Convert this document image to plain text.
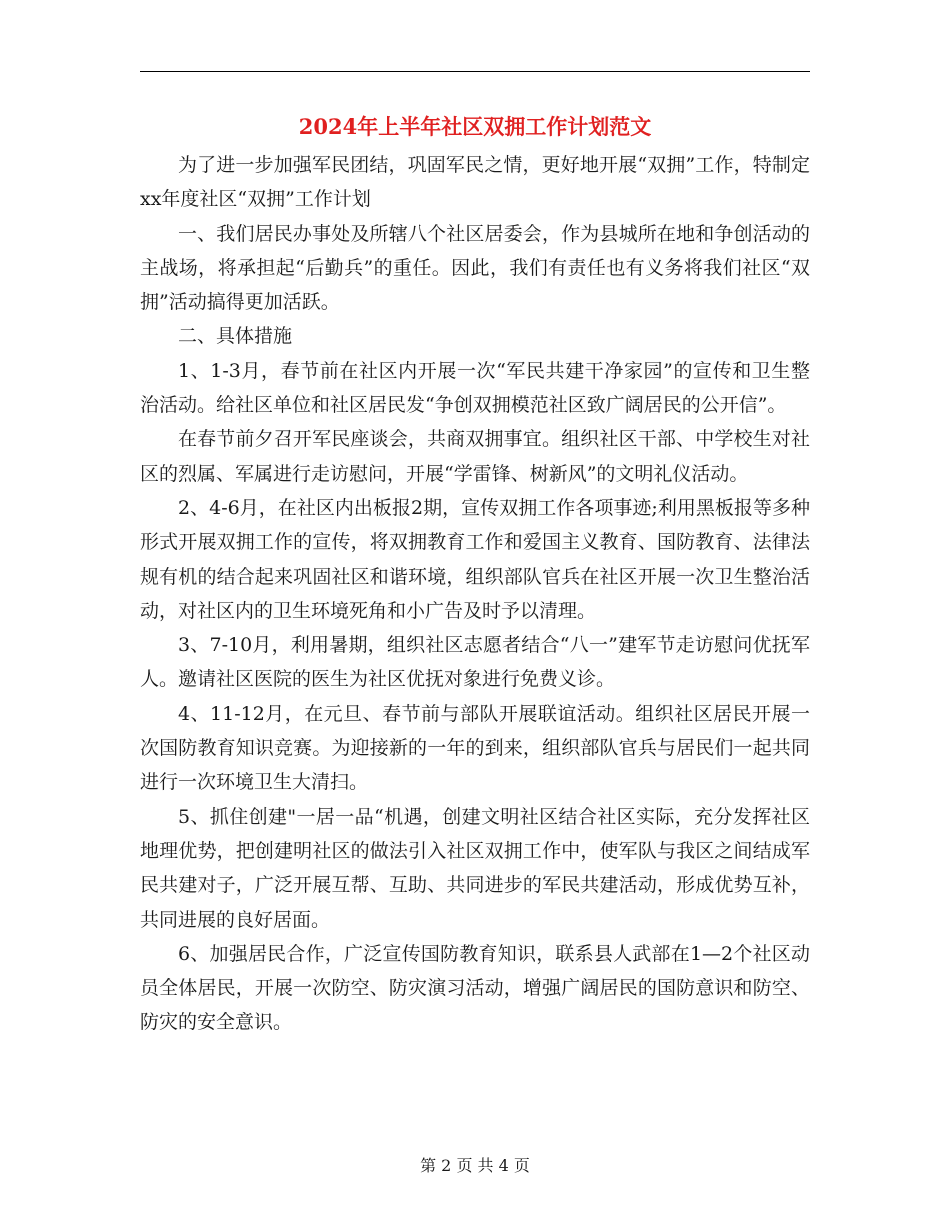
2024年上半年社区双拥工作计划范文

为了进一步加强军民团结，巩固军民之情，更好地开展“双拥”工作，特制定xx年度社区“双拥”工作计划

一、我们居民办事处及所辖八个社区居委会，作为县城所在地和争创活动的主战场，将承担起“后勤兵”的重任。因此，我们有责任也有义务将我们社区“双拥”活动搞得更加活跃。

二、具体措施

1、1-3月，春节前在社区内开展一次“军民共建干净家园”的宣传和卫生整治活动。给社区单位和社区居民发“争创双拥模范社区致广阔居民的公开信”。

在春节前夕召开军民座谈会，共商双拥事宜。组织社区干部、中学校生对社区的烈属、军属进行走访慰问，开展“学雷锋、树新风”的文明礼仪活动。

2、4-6月，在社区内出板报2期，宣传双拥工作各项事迹;利用黑板报等多种形式开展双拥工作的宣传，将双拥教育工作和爱国主义教育、国防教育、法律法规有机的结合起来巩固社区和谐环境，组织部队官兵在社区开展一次卫生整治活动，对社区内的卫生环境死角和小广告及时予以清理。

3、7-10月，利用暑期，组织社区志愿者结合“八一”建军节走访慰问优抚军人。邀请社区医院的医生为社区优抚对象进行免费义诊。

4、11-12月，在元旦、春节前与部队开展联谊活动。组织社区居民开展一次国防教育知识竞赛。为迎接新的一年的到来，组织部队官兵与居民们一起共同进行一次环境卫生大清扫。

5、抓住创建"一居一品“机遇，创建文明社区结合社区实际，充分发挥社区地理优势，把创建明社区的做法引入社区双拥工作中，使军队与我区之间结成军民共建对子，广泛开展互帮、互助、共同进步的军民共建活动，形成优势互补，共同进展的良好居面。

6、加强居民合作，广泛宣传国防教育知识，联系县人武部在1—2个社区动员全体居民，开展一次防空、防灾演习活动，增强广阔居民的国防意识和防空、防灾的安全意识。

第 2 页 共 4 页
